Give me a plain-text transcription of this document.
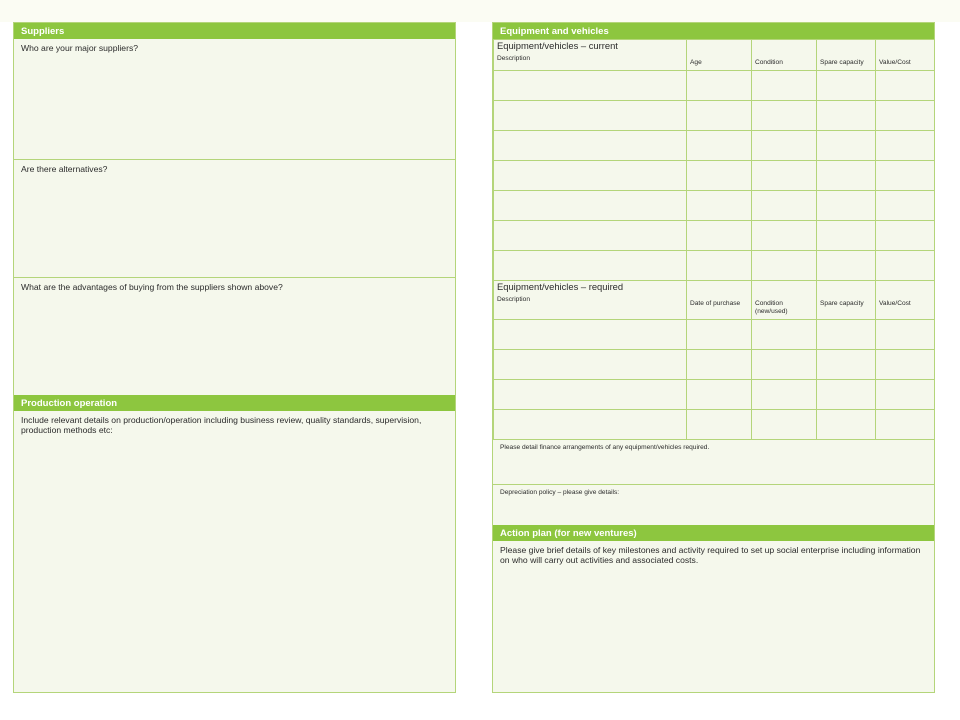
Suppliers
Who are your major suppliers?
Are there alternatives?
What are the advantages of buying from the suppliers shown above?
Production operation
Include relevant details on production/operation including business review, quality standards, supervision, production methods etc:
Equipment and vehicles
Equipment/vehicles – current
Description	Age	Condition	Spare capacity	Value/Cost

Equipment/vehicles – required
Description	Date of purchase	Condition (new/used)	Spare capacity	Value/Cost

Please detail finance arrangements of any equipment/vehicles required.
Depreciation policy – please give details:
Action plan (for new ventures)
Please give brief details of key milestones and activity required to set up social enterprise including information on who will carry out activities and associated costs.
